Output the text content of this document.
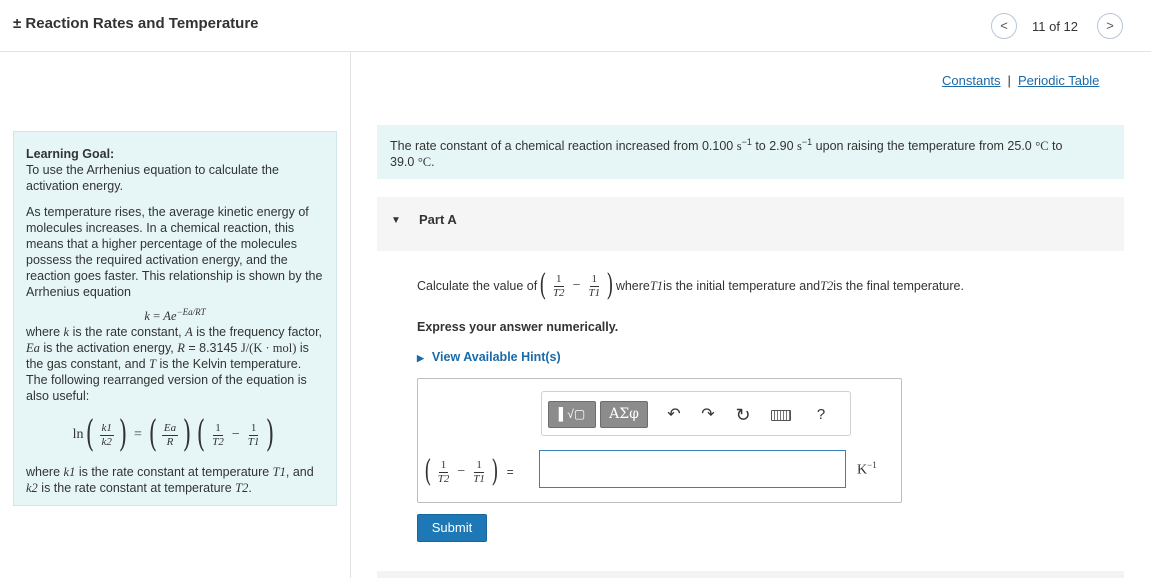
± Reaction Rates and Temperature	<	11 of 12	>
Constants | Periodic Table

Learning Goal:

To use the Arrhenius equation to calculate the activation energy.

As temperature rises, the average kinetic energy of molecules increases. In a chemical reaction, this means that a higher percentage of the molecules possess the required activation energy, and the reaction goes faster. This relationship is shown by the Arrhenius equation

$k = Ae^{-Ea/RT}$

where k is the rate constant, A is the frequency factor, Ea is the activation energy, R = 8.3145 J/(K · mol) is the gas constant, and T is the Kelvin temperature. The following rearranged version of the equation is also useful:

ln ( $\frac{k1}{k2}$ ) = ( $\frac{Ea}{R}$ ) ( $\frac{1}{T2} - \frac{1}{T1}$ )

where k1 is the rate constant at temperature T1, and k2 is the rate constant at temperature T2.

The rate constant of a chemical reaction increased from 0.100 $s^{-1}$ to 2.90 $s^{-1}$ upon raising the temperature from 25.0 °C to
39.0 °C.
▼ Part A
Calculate the value of ( $\frac{1}{T2} - \frac{1}{T1}$ ) where T1 is the initial temperature and T2 is the final temperature.
Express your answer numerically.
▶ View Available Hint(s)
▌√▢	ΑΣφ	↶ ↷ ↻	?
( $\frac{1}{T2} - \frac{1}{T1}$ ) =	$K^{-1}$
Submit
